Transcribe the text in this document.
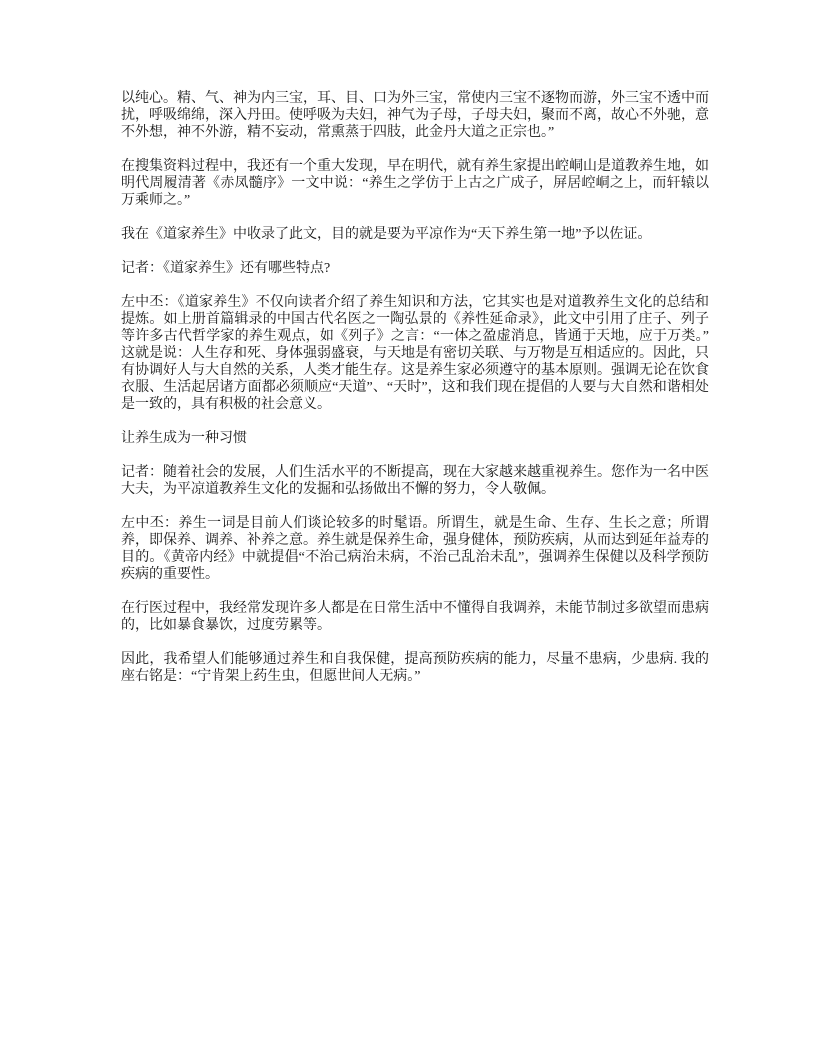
以纯心。精、气、神为内三宝，耳、目、口为外三宝，常使内三宝不逐物而游，外三宝不透中而扰，呼吸绵绵，深入丹田。使呼吸为夫妇，神气为子母，子母夫妇，聚而不离，故心不外驰，意不外想，神不外游，精不妄动，常熏蒸于四肢，此金丹大道之正宗也。”

在搜集资料过程中，我还有一个重大发现，早在明代，就有养生家提出崆峒山是道教养生地，如明代周履清著《赤凤髓序》一文中说：“养生之学仿于上古之广成子，屏居崆峒之上，而轩辕以万乘师之。”

我在《道家养生》中收录了此文，目的就是要为平凉作为“天下养生第一地”予以佐证。

记者：《道家养生》还有哪些特点?

左中丕：《道家养生》不仅向读者介绍了养生知识和方法，它其实也是对道教养生文化的总结和提炼。如上册首篇辑录的中国古代名医之一陶弘景的《养性延命录》，此文中引用了庄子、列子等许多古代哲学家的养生观点，如《列子》之言：“一体之盈虚消息，皆通于天地，应于万类。”这就是说：人生存和死、身体强弱盛衰，与天地是有密切关联、与万物是互相适应的。因此，只有协调好人与大自然的关系，人类才能生存。这是养生家必须遵守的基本原则。强调无论在饮食衣服、生活起居诸方面都必须顺应“天道”、“天时”，这和我们现在提倡的人要与大自然和谐相处是一致的，具有积极的社会意义。

让养生成为一种习惯

记者：随着社会的发展，人们生活水平的不断提高，现在大家越来越重视养生。您作为一名中医大夫，为平凉道教养生文化的发掘和弘扬做出不懈的努力，令人敬佩。

左中丕：养生一词是目前人们谈论较多的时髦语。所谓生，就是生命、生存、生长之意；所谓养，即保养、调养、补养之意。养生就是保养生命，强身健体，预防疾病，从而达到延年益寿的目的。《黄帝内经》中就提倡“不治己病治未病，不治己乱治未乱”，强调养生保健以及科学预防疾病的重要性。

在行医过程中，我经常发现许多人都是在日常生活中不懂得自我调养，未能节制过多欲望而患病的，比如暴食暴饮，过度劳累等。

因此，我希望人们能够通过养生和自我保健，提高预防疾病的能力，尽量不患病，少患病. 我的座右铭是：“宁肯架上药生虫，但愿世间人无病。”
